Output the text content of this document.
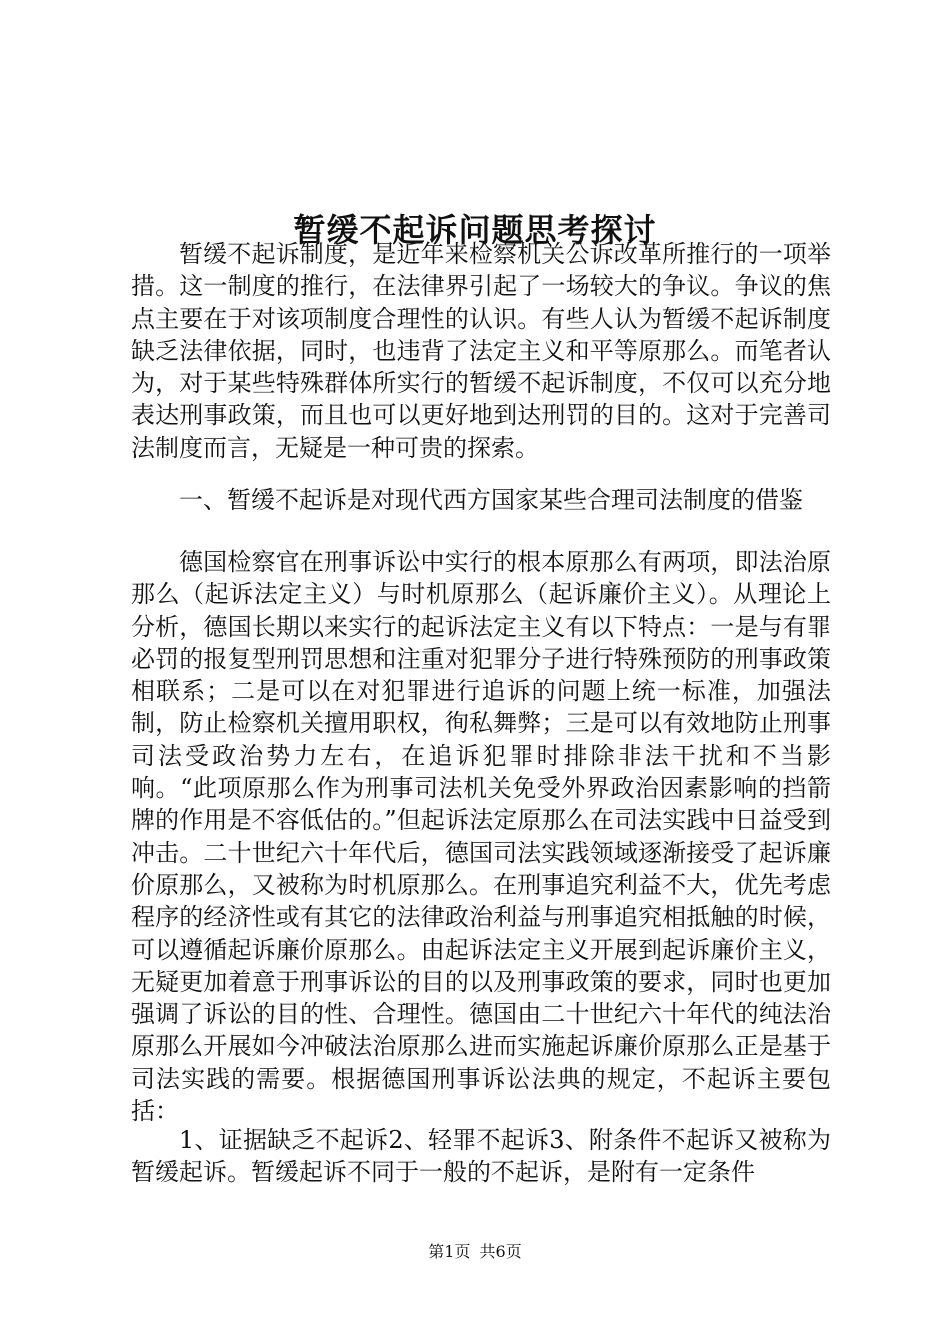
暂缓不起诉问题思考探讨

暂缓不起诉制度，是近年来检察机关公诉改革所推行的一项举措。这一制度的推行，在法律界引起了一场较大的争议。争议的焦点主要在于对该项制度合理性的认识。有些人认为暂缓不起诉制度缺乏法律依据，同时，也违背了法定主义和平等原那么。而笔者认为，对于某些特殊群体所实行的暂缓不起诉制度，不仅可以充分地表达刑事政策，而且也可以更好地到达刑罚的目的。这对于完善司法制度而言，无疑是一种可贵的探索。

一、暂缓不起诉是对现代西方国家某些合理司法制度的借鉴

德国检察官在刑事诉讼中实行的根本原那么有两项，即法治原那么（起诉法定主义）与时机原那么（起诉廉价主义）。从理论上分析，德国长期以来实行的起诉法定主义有以下特点：一是与有罪必罚的报复型刑罚思想和注重对犯罪分子进行特殊预防的刑事政策相联系；二是可以在对犯罪进行追诉的问题上统一标准，加强法制，防止检察机关擅用职权，徇私舞弊；三是可以有效地防止刑事司法受政治势力左右，在追诉犯罪时排除非法干扰和不当影响。“此项原那么作为刑事司法机关免受外界政治因素影响的挡箭牌的作用是不容低估的。”但起诉法定原那么在司法实践中日益受到冲击。二十世纪六十年代后，德国司法实践领域逐渐接受了起诉廉价原那么，又被称为时机原那么。在刑事追究利益不大，优先考虑程序的经济性或有其它的法律政治利益与刑事追究相抵触的时候，可以遵循起诉廉价原那么。由起诉法定主义开展到起诉廉价主义，无疑更加着意于刑事诉讼的目的以及刑事政策的要求，同时也更加强调了诉讼的目的性、合理性。德国由二十世纪六十年代的纯法治原那么开展如今冲破法治原那么进而实施起诉廉价原那么正是基于司法实践的需要。根据德国刑事诉讼法典的规定，不起诉主要包括：

1、证据缺乏不起诉2、轻罪不起诉3、附条件不起诉又被称为暂缓起诉。暂缓起诉不同于一般的不起诉，是附有一定条件

第1页 共6页
